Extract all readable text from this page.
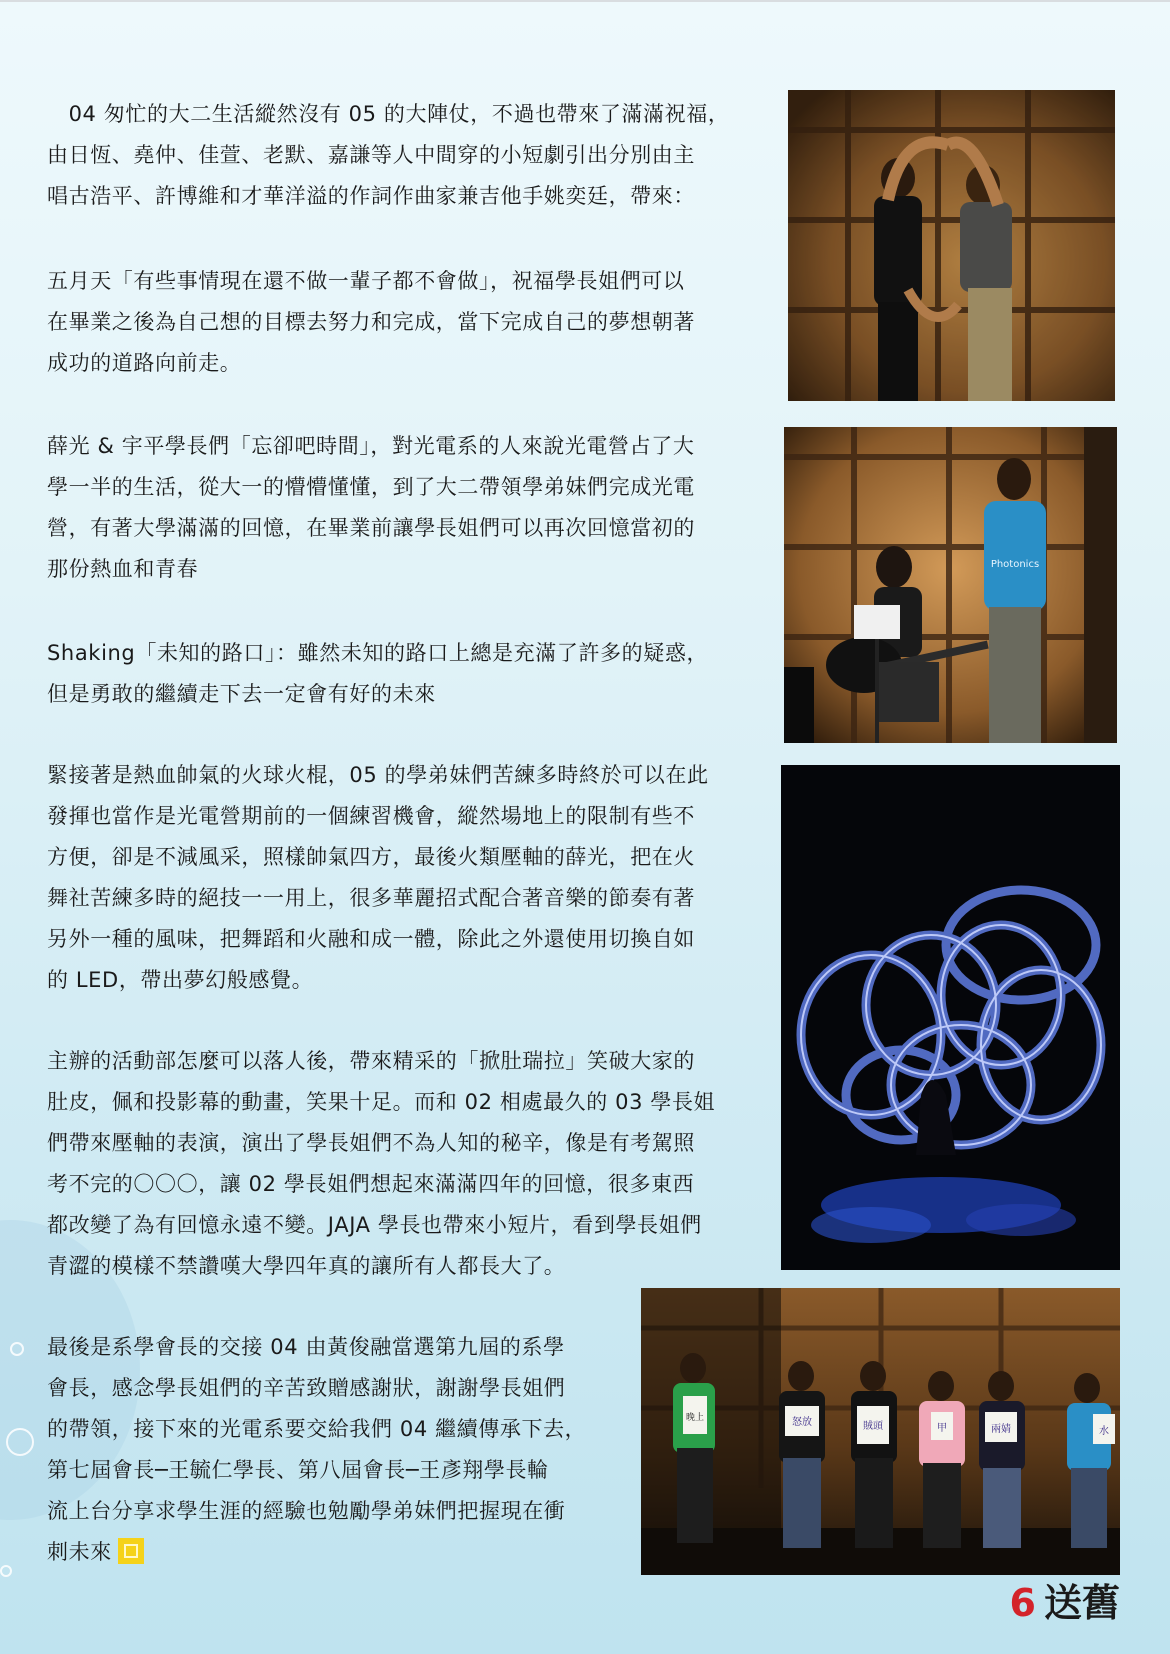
　04 匆忙的大二生活縱然沒有 05 的大陣仗，不過也帶來了滿滿祝福，
由日恆、堯仲、佳萱、老默、嘉謙等人中間穿的小短劇引出分別由主
唱古浩平、許博維和才華洋溢的作詞作曲家兼吉他手姚奕廷，帶來：

五月天「有些事情現在還不做一輩子都不會做」，祝福學長姐們可以
在畢業之後為自己想的目標去努力和完成，當下完成自己的夢想朝著
成功的道路向前走。

薛光 & 宇平學長們「忘卻吧時間」，對光電系的人來說光電營占了大
學一半的生活，從大一的懵懵懂懂，到了大二帶領學弟妹們完成光電
營，有著大學滿滿的回憶，在畢業前讓學長姐們可以再次回憶當初的
那份熱血和青春

Shaking「未知的路口」：雖然未知的路口上總是充滿了許多的疑惑，
但是勇敢的繼續走下去一定會有好的未來

緊接著是熱血帥氣的火球火棍，05 的學弟妹們苦練多時終於可以在此
發揮也當作是光電營期前的一個練習機會，縱然場地上的限制有些不
方便，卻是不減風采，照樣帥氣四方，最後火類壓軸的薛光，把在火
舞社苦練多時的絕技一一用上，很多華麗招式配合著音樂的節奏有著
另外一種的風味，把舞蹈和火融和成一體，除此之外還使用切換自如
的 LED，帶出夢幻般感覺。

主辦的活動部怎麼可以落人後，帶來精采的「掀肚瑞拉」笑破大家的
肚皮，佩和投影幕的動畫，笑果十足。而和 02 相處最久的 03 學長姐
們帶來壓軸的表演，演出了學長姐們不為人知的秘辛，像是有考駕照
考不完的〇〇〇，讓 02 學長姐們想起來滿滿四年的回憶，很多東西
都改變了為有回憶永遠不變。JAJA 學長也帶來小短片，看到學長姐們
青澀的模樣不禁讚嘆大學四年真的讓所有人都長大了。

最後是系學會長的交接 04 由黃俊融當選第九屆的系學
會長，感念學長姐們的辛苦致贈感謝狀，謝謝學長姐們
的帶領，接下來的光電系要交給我們 04 繼續傳承下去，
第七屆會長─王毓仁學長、第八屆會長─王彥翔學長輪
流上台分享求學生涯的經驗也勉勵學弟妹們把握現在衝
刺未來

Photonics
晚上	怒放	賊頭	甲	兩婧	水
6 送舊
